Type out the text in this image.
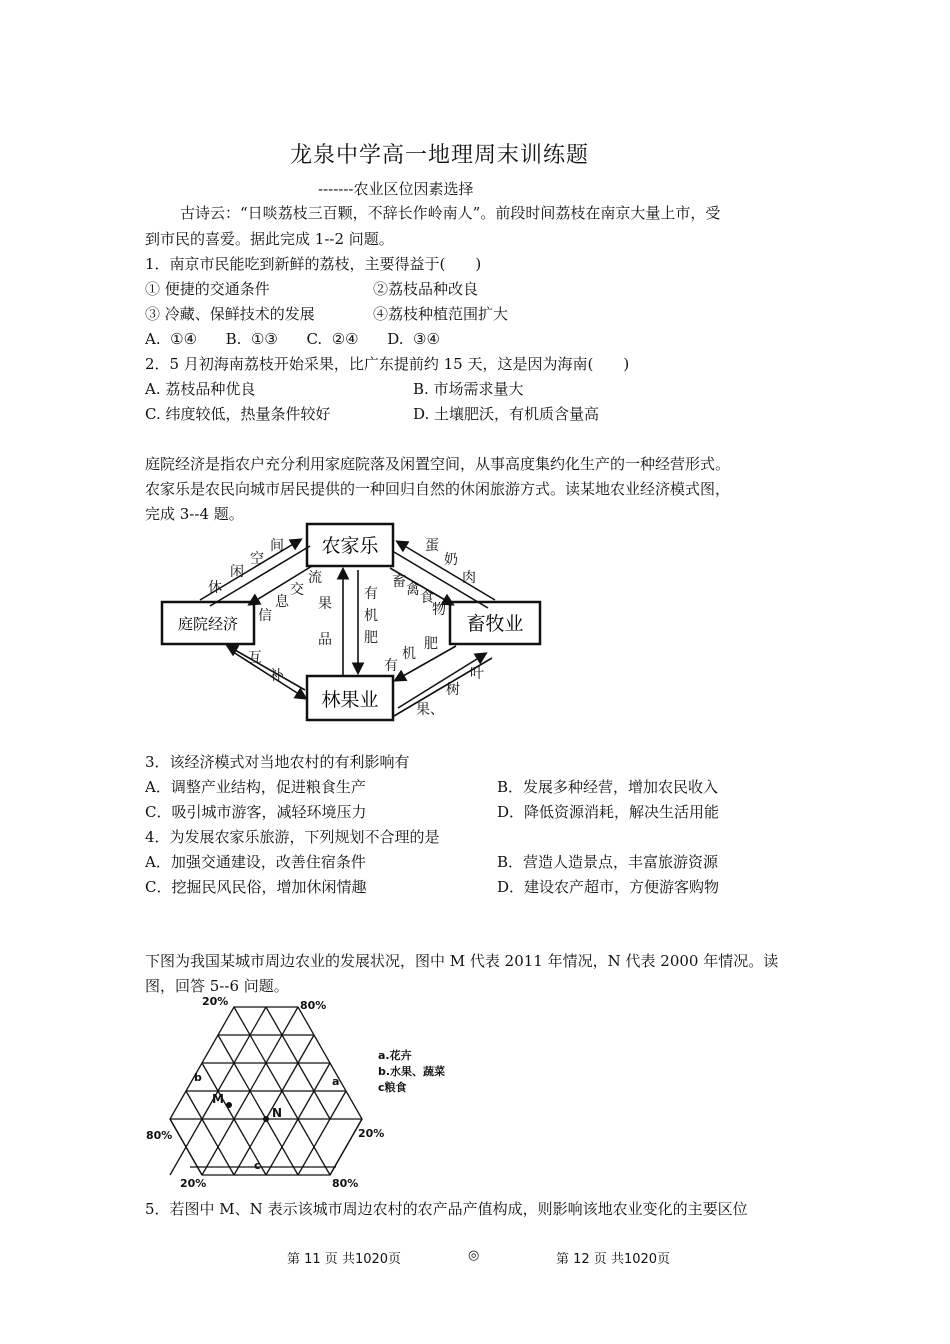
龙泉中学高一地理周末训练题
-------农业区位因素选择
古诗云：“日啖荔枝三百颗，不辞长作岭南人”。前段时间荔枝在南京大量上市，受
到市民的喜爱。据此完成 1--2 问题。
1．南京市民能吃到新鲜的荔枝，主要得益于(　　)
① 便捷的交通条件	②荔枝品种改良
③ 冷藏、保鲜技术的发展	④荔枝种植范围扩大
A.  ①④      B.  ①③      C.  ②④      D.  ③④
2．5 月初海南荔枝开始采果，比广东提前约 15 天，这是因为海南(　　)
A. 荔枝品种优良	B. 市场需求量大
C. 纬度较低，热量条件较好	D. 土壤肥沃，有机质含量高
庭院经济是指农户充分利用家庭院落及闲置空间，从事高度集约化生产的一种经营形式。
农家乐是农民向城市居民提供的一种回归自然的休闲旅游方式。读某地农业经济模式图，
完成 3--4 题。
农家乐
庭院经济	畜牧业
林果业
休
闲
空
间
信
息
交
流
果
品
有
机
肥
畜 禽 食
物
蛋
奶
肉
互
补
有
机
肥
叶
树
果、
3．该经济模式对当地农村的有利影响有
A．调整产业结构，促进粮食生产	B．发展多种经营，增加农民收入
C．吸引城市游客，减轻环境压力	D．降低资源消耗，解决生活用能
4．为发展农家乐旅游，下列规划不合理的是
A．加强交通建设，改善住宿条件	B．营造人造景点，丰富旅游资源
C．挖掘民风民俗，增加休闲情趣	D．建设农产超市，方便游客购物
下图为我国某城市周边农业的发展状况，图中 M 代表 2011 年情况，N 代表 2000 年情况。读
图，回答 5--6 问题。
20%	80%
80%	20%
20%	80%
b	a
c
M
N
a.花卉
b.水果、蔬菜
c粮食
5．若图中 M、N 表示该城市周边农村的农产品产值构成，则影响该地农业变化的主要区位
第 11 页 共1020页	◎	第 12 页 共1020页
